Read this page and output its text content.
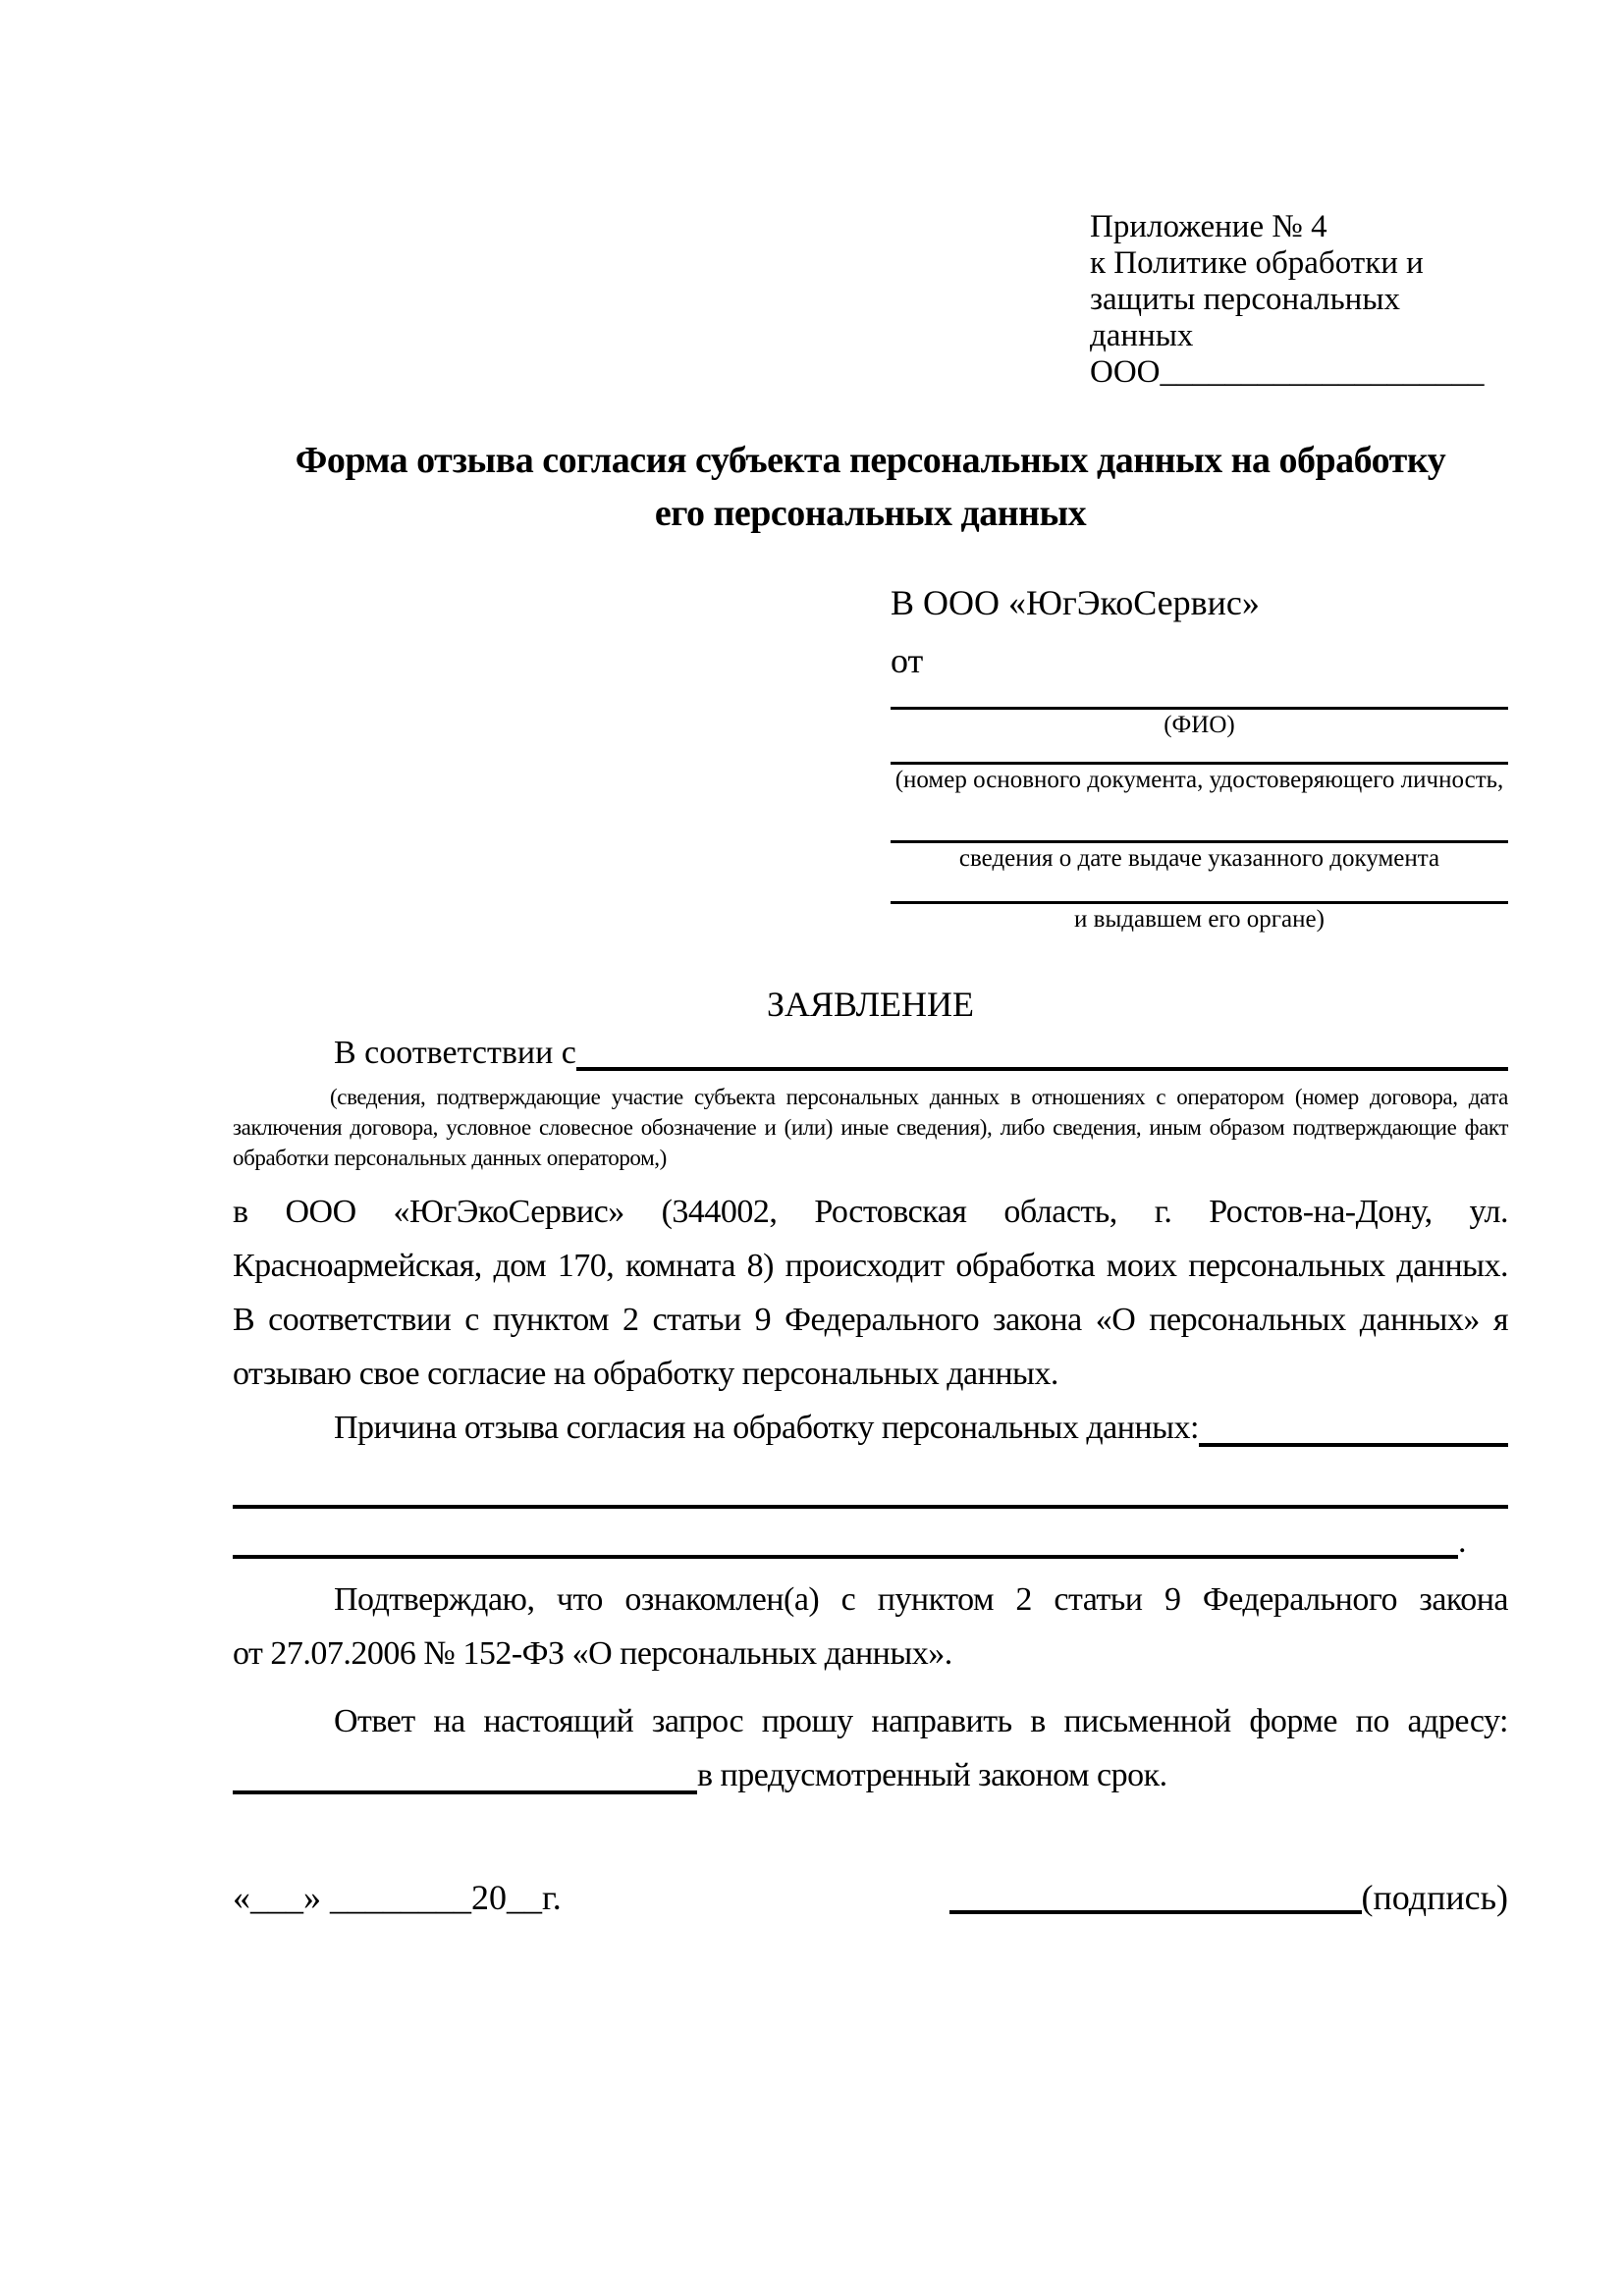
Приложение № 4
к Политике обработки и
защиты персональных данных
ООО____________________
Форма отзыва согласия субъекта персональных данных на обработку
его персональных данных
В ООО «ЮгЭкоСервис»
от
(ФИО)
(номер основного документа, удостоверяющего личность,
сведения о дате выдаче указанного документа
и выдавшем его органе)
ЗАЯВЛЕНИЕ
В соответствии с
(сведения, подтверждающие участие субъекта персональных данных в отношениях с оператором (номер договора, дата
заключения договора, условное словесное обозначение и (или) иные сведения), либо сведения, иным образом подтверждающие факт
обработки персональных данных оператором,)
в ООО «ЮгЭкоСервис» (344002, Ростовская область, г. Ростов-на-Дону, ул.
Красноармейская, дом 170, комната 8) происходит обработка моих персональных данных.
В соответствии с пунктом 2 статьи 9 Федерального закона «О персональных данных» я
отзываю свое согласие на обработку персональных данных.
Причина отзыва согласия на обработку персональных данных:
.
Подтверждаю, что ознакомлен(а) с пунктом 2 статьи 9 Федерального закона
от 27.07.2006 № 152-ФЗ «О персональных данных».
Ответ на настоящий запрос прошу направить в письменной форме по адресу:
в предусмотренный законом срок.
«___» ________20__г.	(подпись)
